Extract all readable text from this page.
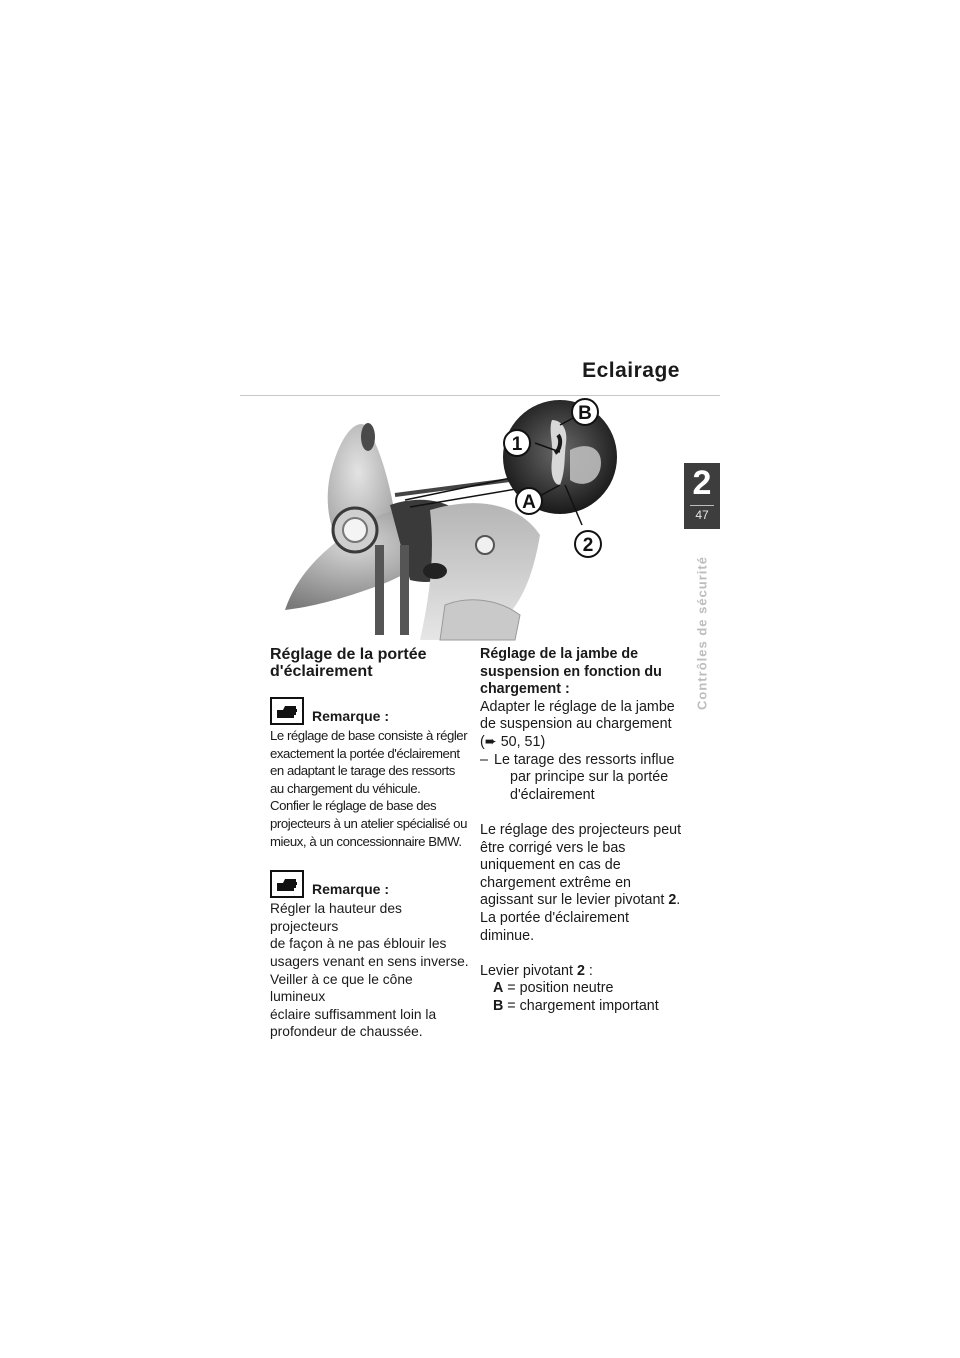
Eclairage
B
1
A
2
Réglage de la portée d'éclairement
Remarque :

Le réglage de base consiste à régler

exactement la portée d'éclairement

en adaptant le tarage des ressorts

au chargement du véhicule.

Confier le réglage de base des

projecteurs à un atelier spécialisé ou

mieux, à un concessionnaire BMW.

Remarque :

Régler la hauteur des projecteurs

de façon à ne pas éblouir les

usagers venant en sens inverse.

Veiller à ce que le cône lumineux

éclaire suffisamment loin la

profondeur de chaussée.

Réglage de la jambe de

suspension en fonction du

chargement :

Adapter le réglage de la jambe

de suspension au chargement

(➨ 50, 51)

– Le tarage des ressorts influe

par principe sur la portée

d'éclairement

Le réglage des projecteurs peut

être corrigé vers le bas

uniquement en cas de

chargement extrême en

agissant sur le levier pivotant 2.

La portée d'éclairement

diminue.

Levier pivotant 2 :

A = position neutre

B = chargement important

2
47
Contrôles de sécurité
